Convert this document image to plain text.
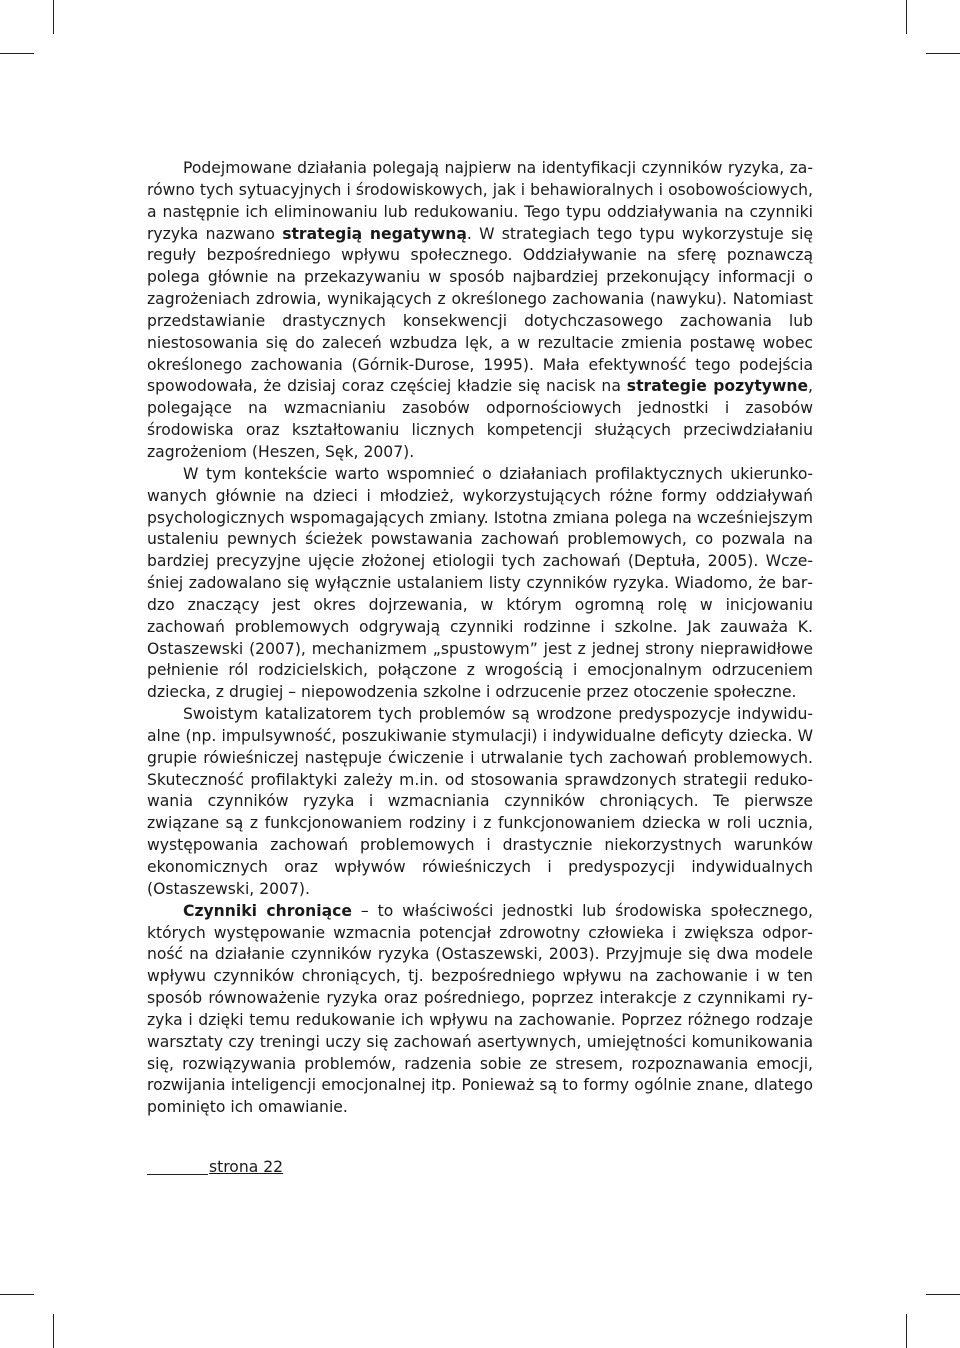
Podejmowane działania polegają najpierw na identyfikacji czynników ryzyka, zarówno tych sytuacyjnych i środowiskowych, jak i behawioralnych i osobowościowych, a następnie ich eliminowaniu lub redukowaniu. Tego typu oddziaływania na czynniki ryzyka nazwano strategią negatywną. W strategiach tego typu wykorzystuje się reguły bezpośredniego wpływu społecznego. Oddziaływanie na sferę poznawczą polega głównie na przekazywaniu w sposób najbardziej przekonujący informacji o zagrożeniach zdrowia, wynikających z określonego zachowania (nawyku). Natomiast przedstawianie drastycznych konsekwencji dotychczasowego zachowania lub niestosowania się do zaleceń wzbudza lęk, a w rezultacie zmienia postawę wobec określonego zachowania (Górnik-Durose, 1995). Mała efektywność tego podejścia spowodowała, że dzisiaj coraz częściej kładzie się nacisk na strategie pozytywne, polegające na wzmacnianiu zasobów odpornościowych jednostki i zasobów środowiska oraz kształtowaniu licznych kompetencji służących przeciwdziałaniu zagrożeniom (Heszen, Sęk, 2007).

W tym kontekście warto wspomnieć o działaniach profilaktycznych ukierunkowanych głównie na dzieci i młodzież, wykorzystujących różne formy oddziaływań psychologicznych wspomagających zmiany. Istotna zmiana polega na wcześniejszym ustaleniu pewnych ścieżek powstawania zachowań problemowych, co pozwala na bardziej precyzyjne ujęcie złożonej etiologii tych zachowań (Deptuła, 2005). Wcześniej zadowalano się wyłącznie ustalaniem listy czynników ryzyka. Wiadomo, że bardzo znaczący jest okres dojrzewania, w którym ogromną rolę w inicjowaniu zachowań problemowych odgrywają czynniki rodzinne i szkolne. Jak zauważa K. Ostaszewski (2007), mechanizmem „spustowym” jest z jednej strony nieprawidłowe pełnienie ról rodzicielskich, połączone z wrogością i emocjonalnym odrzuceniem dziecka, z drugiej – niepowodzenia szkolne i odrzucenie przez otoczenie społeczne.

Swoistym katalizatorem tych problemów są wrodzone predyspozycje indywidualne (np. impulsywność, poszukiwanie stymulacji) i indywidualne deficyty dziecka. W grupie rówieśniczej następuje ćwiczenie i utrwalanie tych zachowań problemowych. Skuteczność profilaktyki zależy m.in. od stosowania sprawdzonych strategii redukowania czynników ryzyka i wzmacniania czynników chroniących. Te pierwsze związane są z funkcjonowaniem rodziny i z funkcjonowaniem dziecka w roli ucznia, występowania zachowań problemowych i drastycznie niekorzystnych warunków ekonomicznych oraz wpływów rówieśniczych i predyspozycji indywidualnych (Ostaszewski, 2007).

Czynniki chroniące – to właściwości jednostki lub środowiska społecznego, których występowanie wzmacnia potencjał zdrowotny człowieka i zwiększa odporność na działanie czynników ryzyka (Ostaszewski, 2003). Przyjmuje się dwa modele wpływu czynników chroniących, tj. bezpośredniego wpływu na zachowanie i w ten sposób równoważenie ryzyka oraz pośredniego, poprzez interakcje z czynnikami ryzyka i dzięki temu redukowanie ich wpływu na zachowanie. Poprzez różnego rodzaje warsztaty czy treningi uczy się zachowań asertywnych, umiejętności komunikowania się, rozwiązywania problemów, radzenia sobie ze stresem, rozpoznawania emocji, rozwijania inteligencji emocjonalnej itp. Ponieważ są to formy ogólnie znane, dlatego pominięto ich omawianie.

strona 22
